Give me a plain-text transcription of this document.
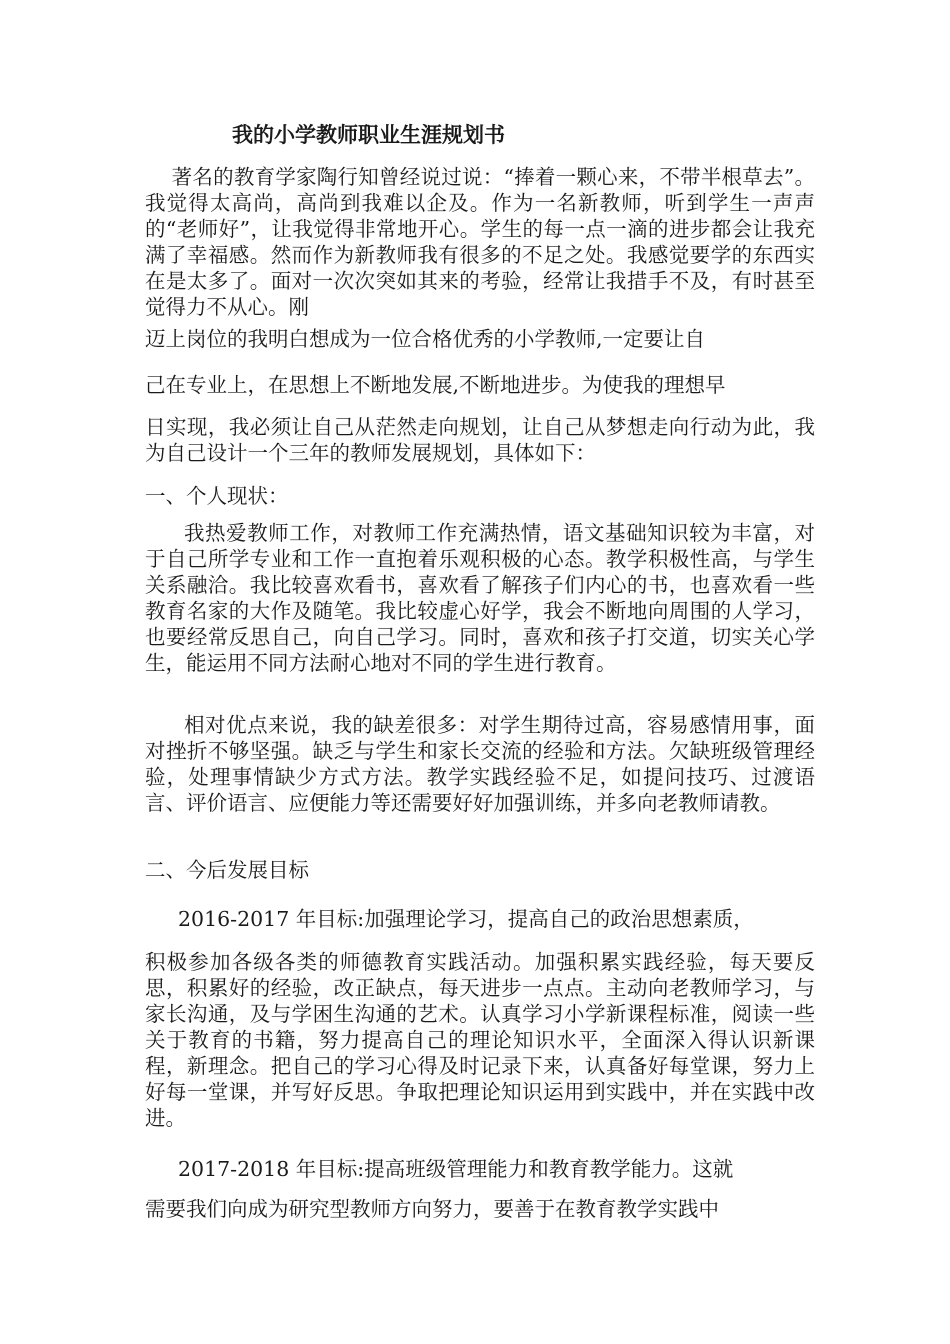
我的小学教师职业生涯规划书
著名的教育学家陶行知曾经说过说：“捧着一颗心来，不带半根草去”。我觉得太高尚，高尚到我难以企及。作为一名新教师，听到学生一声声的“老师好”，让我觉得非常地开心。学生的每一点一滴的进步都会让我充满了幸福感。然而作为新教师我有很多的不足之处。我感觉要学的东西实在是太多了。面对一次次突如其来的考验，经常让我措手不及，有时甚至觉得力不从心。刚
迈上岗位的我明白想成为一位合格优秀的小学教师,一定要让自
己在专业上，在思想上不断地发展,不断地进步。为使我的理想早
日实现，我必须让自己从茫然走向规划，让自己从梦想走向行动为此，我为自己设计一个三年的教师发展规划，具体如下：
一、个人现状：
我热爱教师工作，对教师工作充满热情，语文基础知识较为丰富，对于自己所学专业和工作一直抱着乐观积极的心态。教学积极性高，与学生关系融洽。我比较喜欢看书，喜欢看了解孩子们内心的书，也喜欢看一些教育名家的大作及随笔。我比较虚心好学，我会不断地向周围的人学习，也要经常反思自己，向自己学习。同时，喜欢和孩子打交道，切实关心学生，能运用不同方法耐心地对不同的学生进行教育。
相对优点来说，我的缺差很多：对学生期待过高，容易感情用事，面对挫折不够坚强。缺乏与学生和家长交流的经验和方法。欠缺班级管理经验，处理事情缺少方式方法。教学实践经验不足，如提问技巧、过渡语言、评价语言、应便能力等还需要好好加强训练，并多向老教师请教。
二、今后发展目标
2016-2017 年目标:加强理论学习，提高自己的政治思想素质，
积极参加各级各类的师德教育实践活动。加强积累实践经验，每天要反思，积累好的经验，改正缺点，每天进步一点点。主动向老教师学习，与家长沟通，及与学困生沟通的艺术。认真学习小学新课程标准，阅读一些关于教育的书籍，努力提高自己的理论知识水平，全面深入得认识新课程，新理念。把自己的学习心得及时记录下来，认真备好每堂课，努力上好每一堂课，并写好反思。争取把理论知识运用到实践中，并在实践中改进。
2017-2018 年目标:提高班级管理能力和教育教学能力。这就
需要我们向成为研究型教师方向努力，要善于在教育教学实践中
